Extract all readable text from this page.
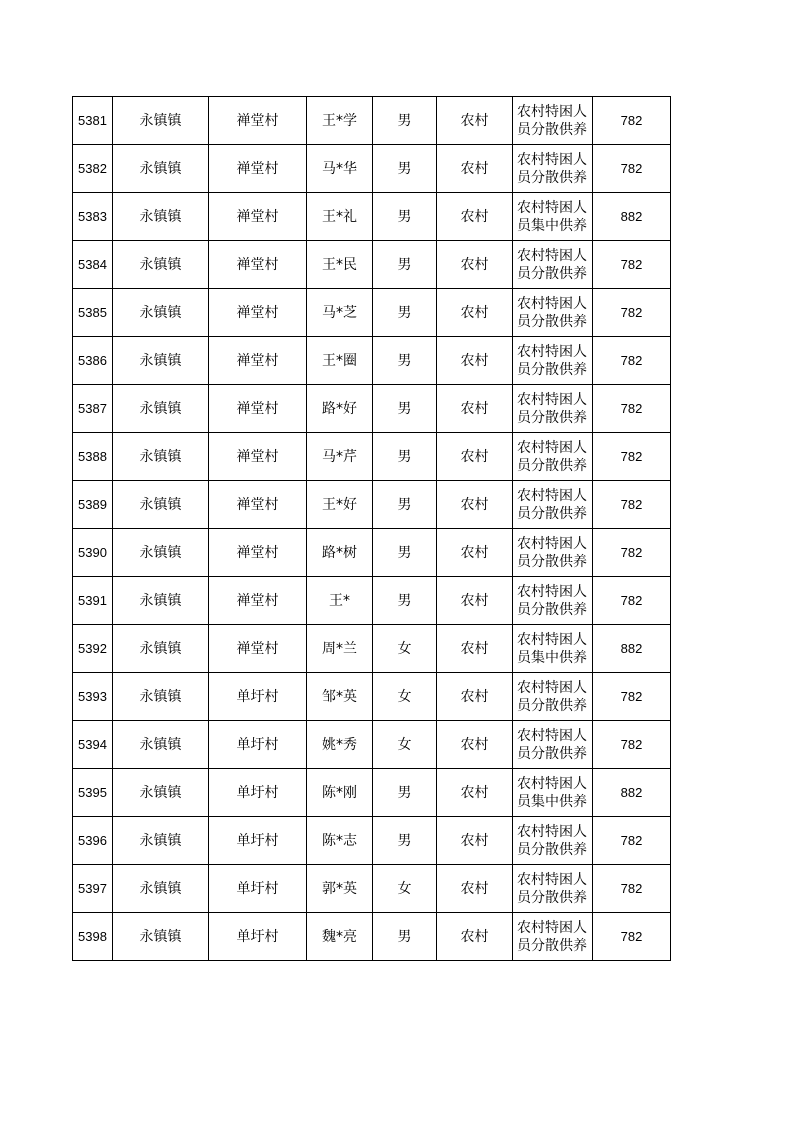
5381	永镇镇	禅堂村	王*学	男	农村	农村特困人员分散供养	782
5382	永镇镇	禅堂村	马*华	男	农村	农村特困人员分散供养	782
5383	永镇镇	禅堂村	王*礼	男	农村	农村特困人员集中供养	882
5384	永镇镇	禅堂村	王*民	男	农村	农村特困人员分散供养	782
5385	永镇镇	禅堂村	马*芝	男	农村	农村特困人员分散供养	782
5386	永镇镇	禅堂村	王*圈	男	农村	农村特困人员分散供养	782
5387	永镇镇	禅堂村	路*好	男	农村	农村特困人员分散供养	782
5388	永镇镇	禅堂村	马*芹	男	农村	农村特困人员分散供养	782
5389	永镇镇	禅堂村	王*好	男	农村	农村特困人员分散供养	782
5390	永镇镇	禅堂村	路*树	男	农村	农村特困人员分散供养	782
5391	永镇镇	禅堂村	王*	男	农村	农村特困人员分散供养	782
5392	永镇镇	禅堂村	周*兰	女	农村	农村特困人员集中供养	882
5393	永镇镇	单圩村	邹*英	女	农村	农村特困人员分散供养	782
5394	永镇镇	单圩村	姚*秀	女	农村	农村特困人员分散供养	782
5395	永镇镇	单圩村	陈*刚	男	农村	农村特困人员集中供养	882
5396	永镇镇	单圩村	陈*志	男	农村	农村特困人员分散供养	782
5397	永镇镇	单圩村	郭*英	女	农村	农村特困人员分散供养	782
5398	永镇镇	单圩村	魏*亮	男	农村	农村特困人员分散供养	782
